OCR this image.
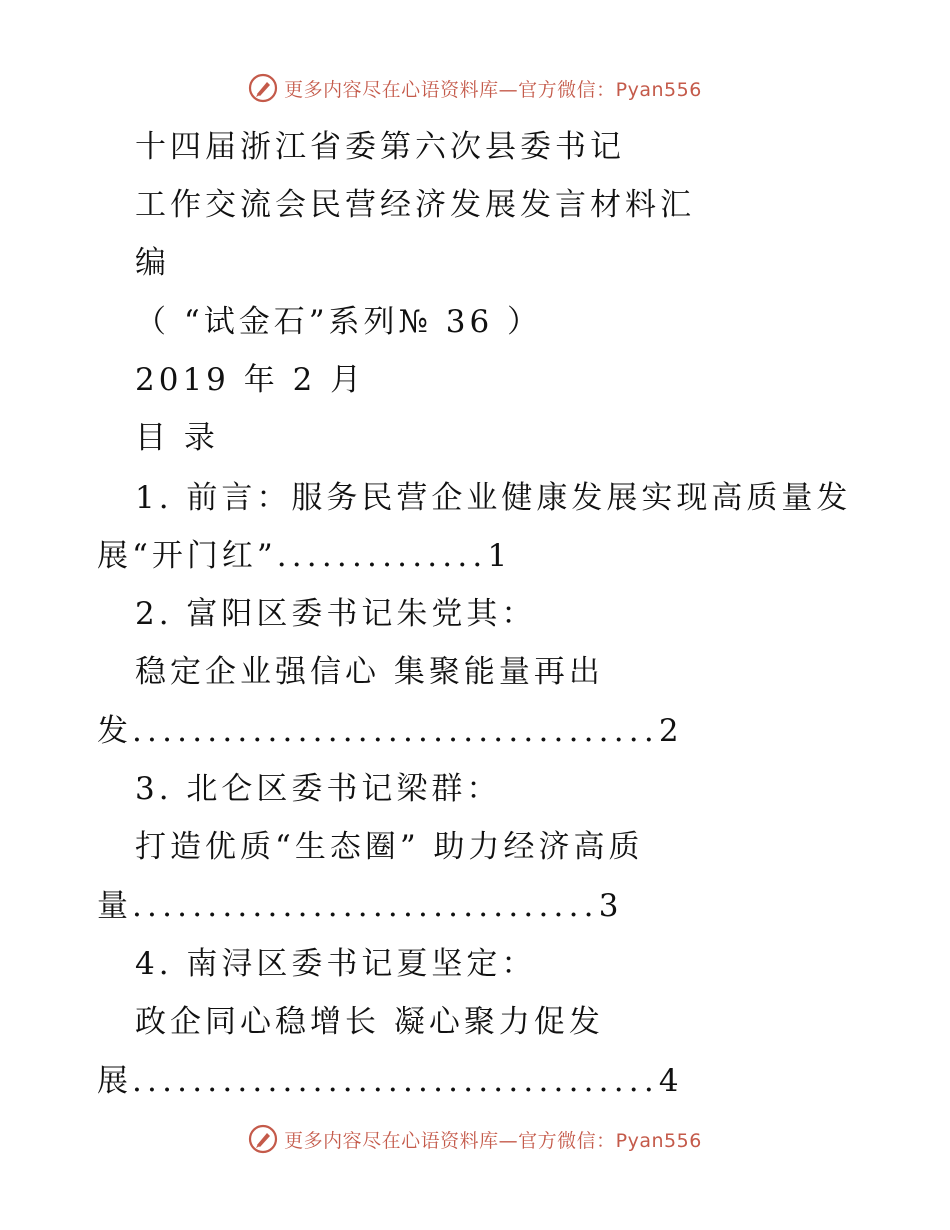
更多内容尽在心语资料库—官方微信：Pyan556
十四届浙江省委第六次县委书记
工作交流会民营经济发展发言材料汇
编
（ “试金石”系列№ 36 ）
2019 年 2 月
目 录
1. 前言：服务民营企业健康发展实现高质量发
展“开门红” .............. 1
2. 富阳区委书记朱党其：
稳定企业强信心 集聚能量再出
发 ................................... 2
3. 北仑区委书记梁群：
打造优质“生态圈” 助力经济高质
量 ............................... 3
4. 南浔区委书记夏坚定：
政企同心稳增长 凝心聚力促发
展 ................................... 4
更多内容尽在心语资料库—官方微信：Pyan556
